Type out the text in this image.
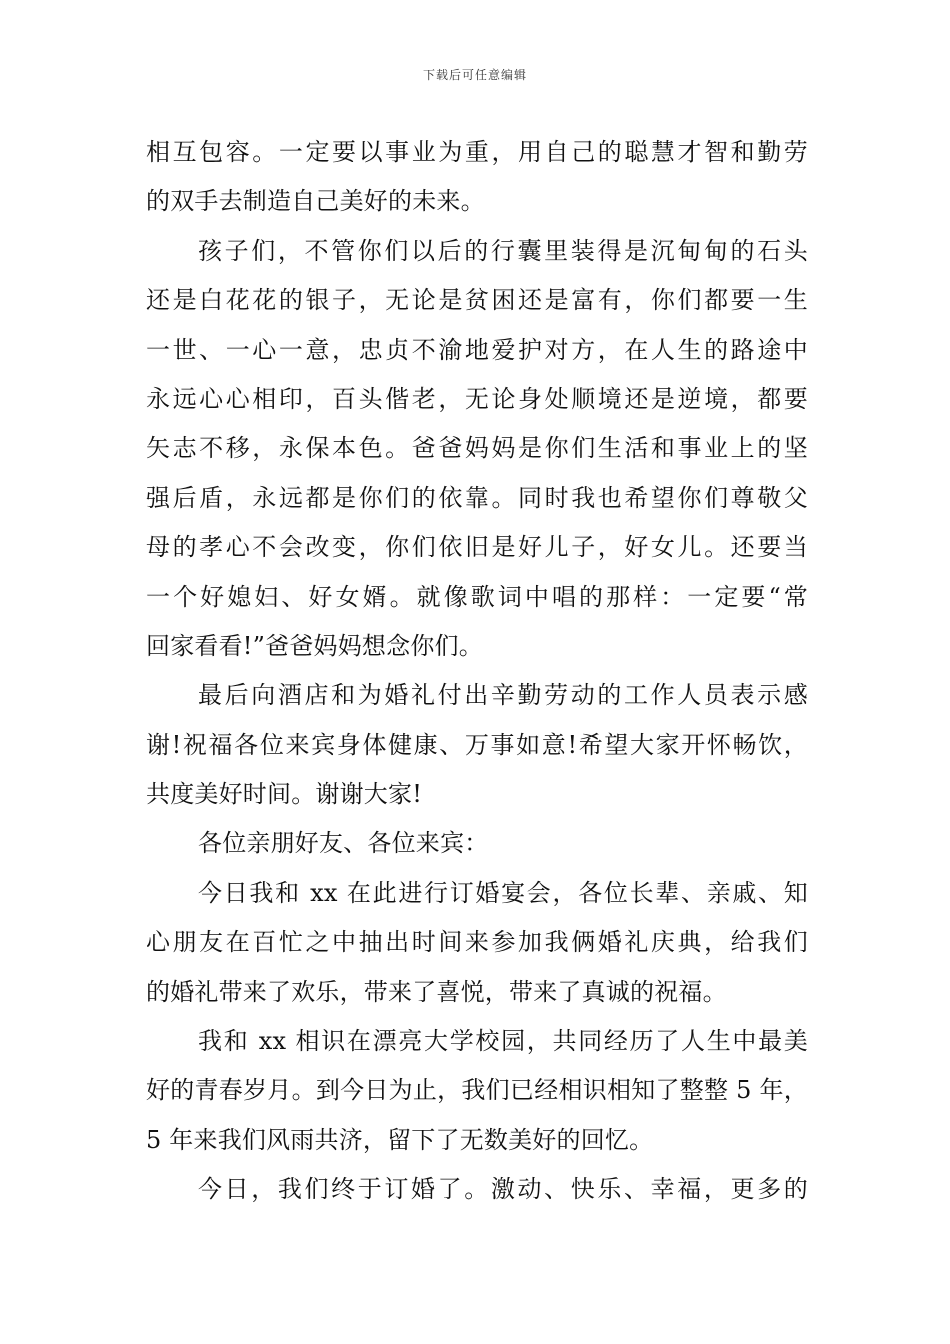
下载后可任意编辑
相互包容。一定要以事业为重，用自己的聪慧才智和勤劳
的双手去制造自己美好的未来。
孩子们，不管你们以后的行囊里装得是沉甸甸的石头
还是白花花的银子，无论是贫困还是富有，你们都要一生
一世、一心一意，忠贞不渝地爱护对方，在人生的路途中
永远心心相印，百头偕老，无论身处顺境还是逆境，都要
矢志不移，永保本色。爸爸妈妈是你们生活和事业上的坚
强后盾，永远都是你们的依靠。同时我也希望你们尊敬父
母的孝心不会改变，你们依旧是好儿子，好女儿。还要当
一个好媳妇、好女婿。就像歌词中唱的那样：一定要“常
回家看看!”爸爸妈妈想念你们。
最后向酒店和为婚礼付出辛勤劳动的工作人员表示感
谢!祝福各位来宾身体健康、万事如意!希望大家开怀畅饮，
共度美好时间。谢谢大家!
各位亲朋好友、各位来宾：
今日我和 xx 在此进行订婚宴会，各位长辈、亲戚、知
心朋友在百忙之中抽出时间来参加我俩婚礼庆典，给我们
的婚礼带来了欢乐，带来了喜悦，带来了真诚的祝福。
我和 xx 相识在漂亮大学校园，共同经历了人生中最美
好的青春岁月。到今日为止，我们已经相识相知了整整 5 年，
5 年来我们风雨共济，留下了无数美好的回忆。
今日，我们终于订婚了。激动、快乐、幸福，更多的
